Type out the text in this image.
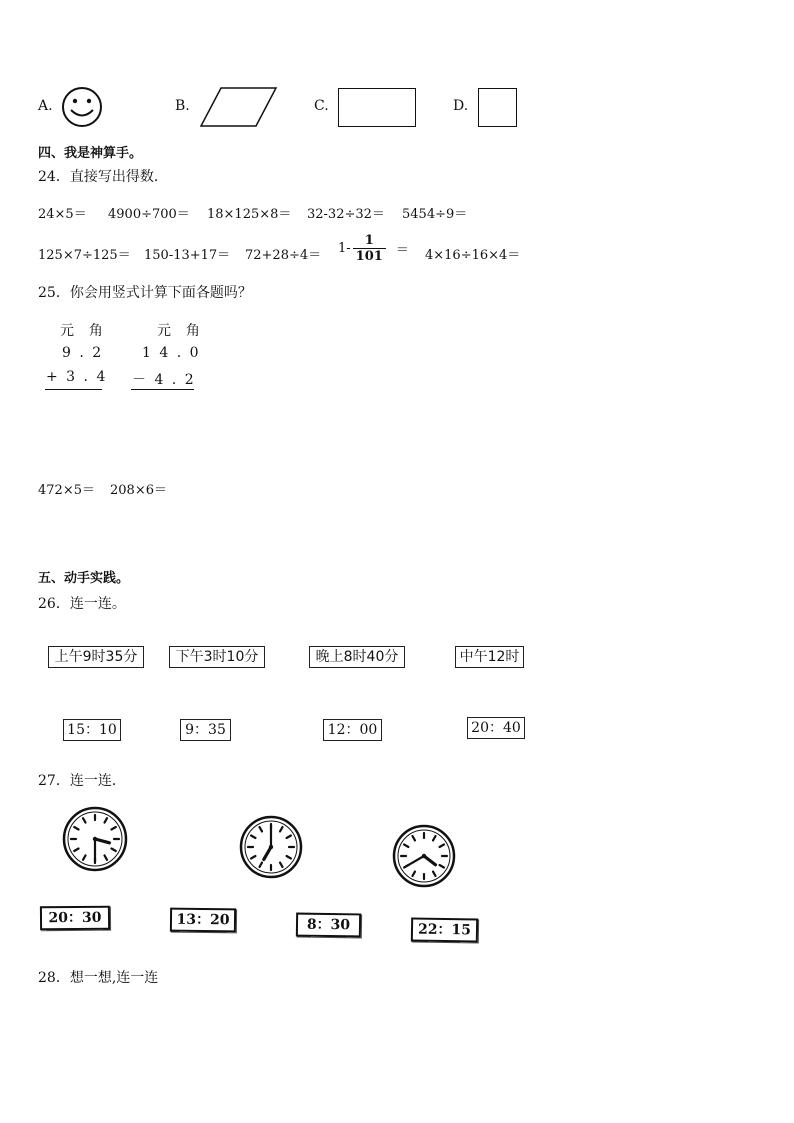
A.	B.	C.	D.
四、我是神算手。
24．直接写出得数．
24×5＝ 4900÷700＝ 18×125×8＝ 32-32÷32＝ 5454÷9＝
$125\times 7\div 125= 150-13+17= 72+28\div 4= 1- \frac{1}{101} = 4\times 16\div 16\times 4=$
25．你会用竖式计算下面各题吗？
元  角
9 . 2
+ 3 . 4
元  角
1 4 . 0
－ 4 . 2
472×5＝ 208×6＝
五、动手实践。
26．连一连。
上午9时35分	下午3时10分	晚上8时40分	中午12时
15：10	9：35	12：00	20：40
27．连一连．
20：30	13：20	8：30	22：15
28．想一想,连一连
